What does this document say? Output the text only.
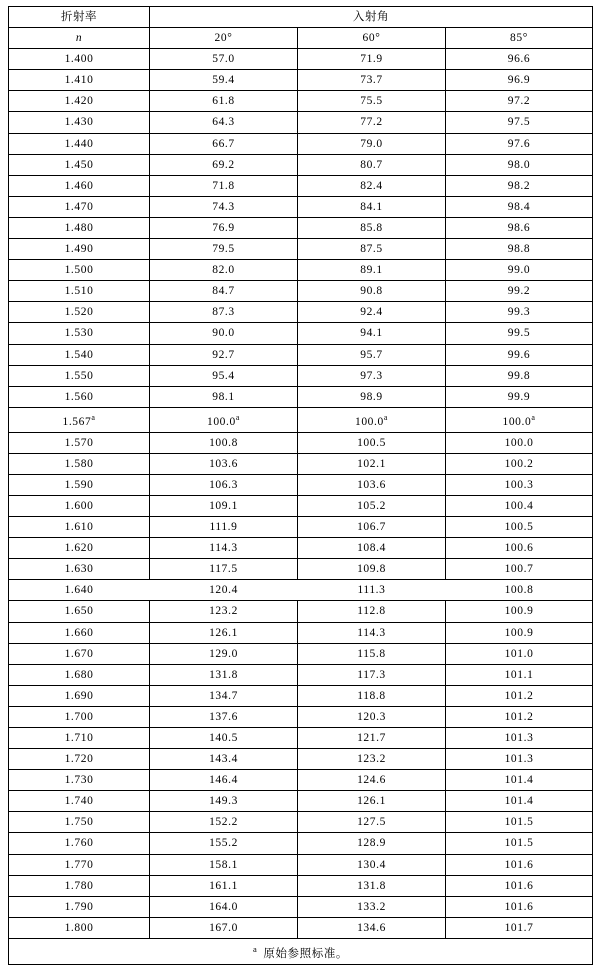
折射率	入射角		
n	20°	60°	85°
1.400	57.0	71.9	96.6
1.410	59.4	73.7	96.9
1.420	61.8	75.5	97.2
1.430	64.3	77.2	97.5
1.440	66.7	79.0	97.6
1.450	69.2	80.7	98.0
1.460	71.8	82.4	98.2
1.470	74.3	84.1	98.4
1.480	76.9	85.8	98.6
1.490	79.5	87.5	98.8
1.500	82.0	89.1	99.0
1.510	84.7	90.8	99.2
1.520	87.3	92.4	99.3
1.530	90.0	94.1	99.5
1.540	92.7	95.7	99.6
1.550	95.4	97.3	99.8
1.560	98.1	98.9	99.9
1.567$^a$	100.0$^a$	100.0$^a$	100.0$^a$
1.570	100.8	100.5	100.0
1.580	103.6	102.1	100.2
1.590	106.3	103.6	100.3
1.600	109.1	105.2	100.4
1.610	111.9	106.7	100.5
1.620	114.3	108.4	100.6
1.630	117.5	109.8	100.7
1.640	120.4	111.3	100.8
1.650	123.2	112.8	100.9
1.660	126.1	114.3	100.9
1.670	129.0	115.8	101.0
1.680	131.8	117.3	101.1
1.690	134.7	118.8	101.2
1.700	137.6	120.3	101.2
1.710	140.5	121.7	101.3
1.720	143.4	123.2	101.3
1.730	146.4	124.6	101.4
1.740	149.3	126.1	101.4
1.750	152.2	127.5	101.5
1.760	155.2	128.9	101.5
1.770	158.1	130.4	101.6
1.780	161.1	131.8	101.6
1.790	164.0	133.2	101.6
1.800	167.0	134.6	101.7
$^a$ 原始参照标准。			
